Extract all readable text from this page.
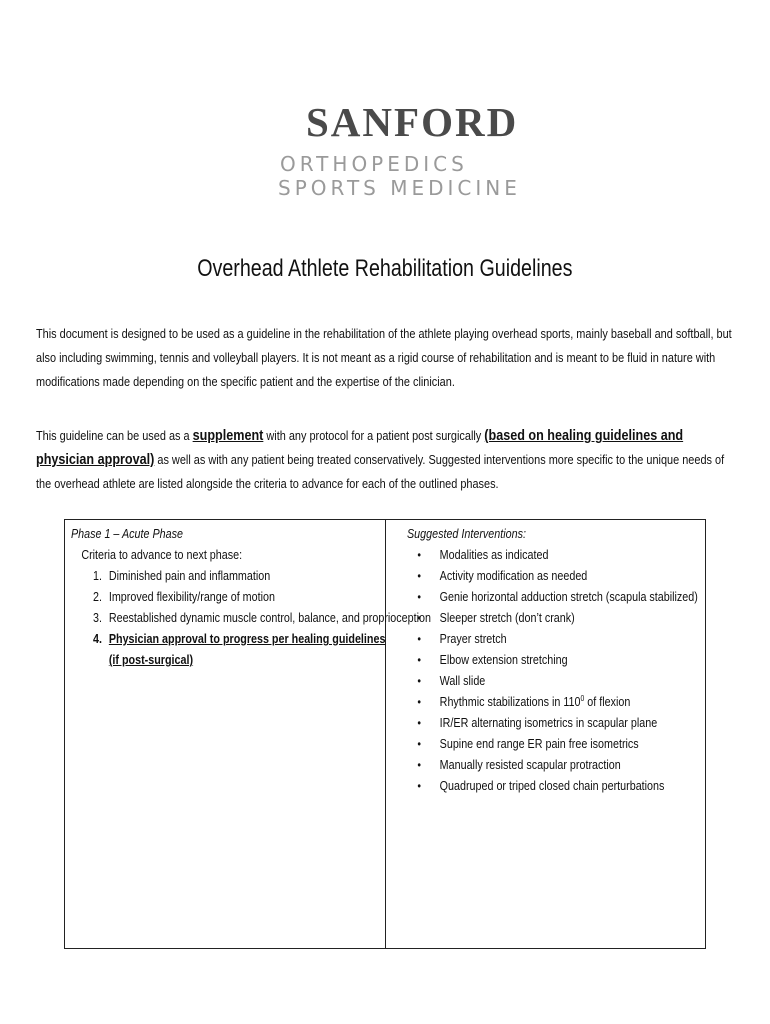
SANFORD
ORTHOPEDICS
SPORTS MEDICINE
Overhead Athlete Rehabilitation Guidelines
This document is designed to be used as a guideline in the rehabilitation of the athlete playing overhead sports, mainly baseball and softball, but also including swimming, tennis and volleyball players. It is not meant as a rigid course of rehabilitation and is meant to be fluid in nature with modifications made depending on the specific patient and the expertise of the clinician.
This guideline can be used as a supplement with any protocol for a patient post surgically (based on healing guidelines and physician approval) as well as with any patient being treated conservatively. Suggested interventions more specific to the unique needs of the overhead athlete are listed alongside the criteria to advance for each of the outlined phases.
Phase 1 – Acute Phase
Criteria to advance to next phase:
1. Diminished pain and inflammation
2. Improved flexibility/range of motion
3. Reestablished dynamic muscle control, balance, and proprioception
4. Physician approval to progress per healing guidelines
(if post-surgical)
Suggested Interventions:
• Modalities as indicated
• Activity modification as needed
• Genie horizontal adduction stretch (scapula stabilized)
• Sleeper stretch (don’t crank)
• Prayer stretch
• Elbow extension stretching
• Wall slide
• Rhythmic stabilizations in $110^0$ of flexion
• IR/ER alternating isometrics in scapular plane
• Supine end range ER pain free isometrics
• Manually resisted scapular protraction
• Quadruped or triped closed chain perturbations
